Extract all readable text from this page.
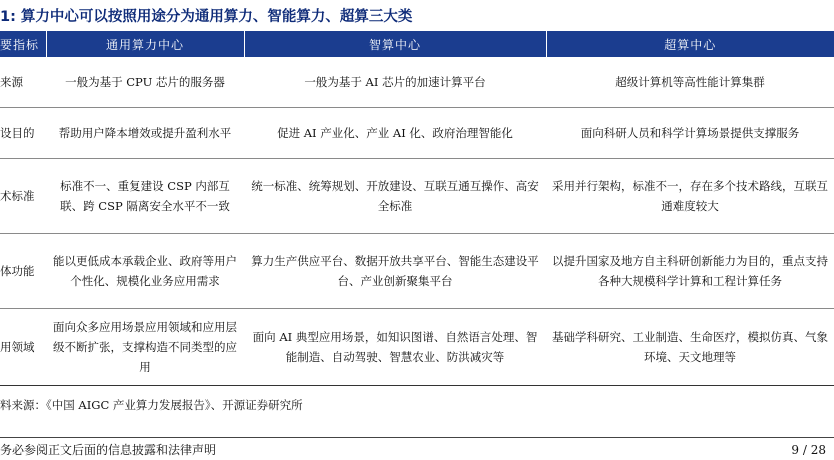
1: 算力中心可以按照用途分为通用算力、智能算力、超算三大类
要指标	通用算力中心	智算中心	超算中心
来源	一般为基于 CPU 芯片的服务器	一般为基于 AI 芯片的加速计算平台	超级计算机等高性能计算集群
设目的	帮助用户降本增效或提升盈利水平	促进 AI 产业化、产业 AI 化、政府治理智能化	面向科研人员和科学计算场景提供支撑服务
术标准	标准不一、重复建设 CSP 内部互联、跨 CSP 隔离安全水平不一致	统一标准、统筹规划、开放建设、互联互通互操作、高安全标准	采用并行架构，标准不一，存在多个技术路线，互联互通难度较大
体功能	能以更低成本承载企业、政府等用户个性化、规模化业务应用需求	算力生产供应平台、数据开放共享平台、智能生态建设平台、产业创新聚集平台	以提升国家及地方自主科研创新能力为目的，重点支持各种大规模科学计算和工程计算任务
用领域	面向众多应用场景应用领域和应用层级不断扩张，支撑构造不同类型的应用	面向 AI 典型应用场景，如知识图谱、自然语言处理、智能制造、自动驾驶、智慧农业、防洪减灾等	基础学科研究、工业制造、生命医疗，模拟仿真、气象环境、天文地理等
料来源：《中国 AIGC 产业算力发展报告》、开源证券研究所
务必参阅正文后面的信息披露和法律声明	9 / 28
